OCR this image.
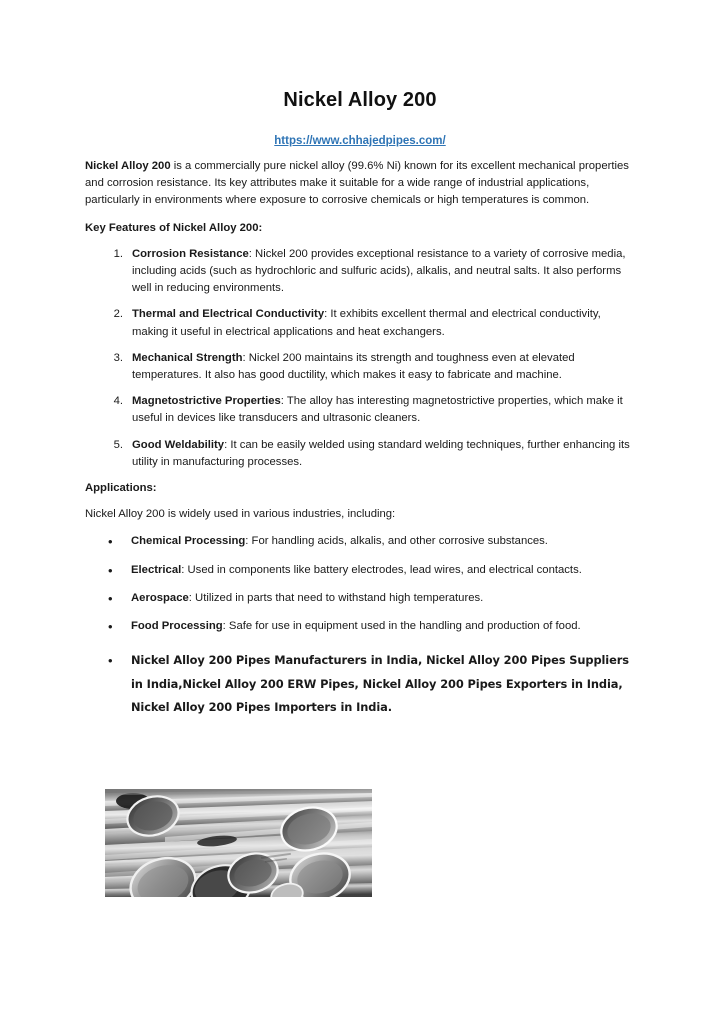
Nickel Alloy 200
https://www.chhajedpipes.com/

Nickel Alloy 200 is a commercially pure nickel alloy (99.6% Ni) known for its excellent mechanical properties and corrosion resistance. Its key attributes make it suitable for a wide range of industrial applications, particularly in environments where exposure to corrosive chemicals or high temperatures is common.

Key Features of Nickel Alloy 200:

1. Corrosion Resistance: Nickel 200 provides exceptional resistance to a variety of corrosive media, including acids (such as hydrochloric and sulfuric acids), alkalis, and neutral salts. It also performs well in reducing environments.
2. Thermal and Electrical Conductivity: It exhibits excellent thermal and electrical conductivity, making it useful in electrical applications and heat exchangers.
3. Mechanical Strength: Nickel 200 maintains its strength and toughness even at elevated temperatures. It also has good ductility, which makes it easy to fabricate and machine.
4. Magnetostrictive Properties: The alloy has interesting magnetostrictive properties, which make it useful in devices like transducers and ultrasonic cleaners.
5. Good Weldability: It can be easily welded using standard welding techniques, further enhancing its utility in manufacturing processes.

Applications:

Nickel Alloy 200 is widely used in various industries, including:

• Chemical Processing: For handling acids, alkalis, and other corrosive substances.
• Electrical: Used in components like battery electrodes, lead wires, and electrical contacts.
• Aerospace: Utilized in parts that need to withstand high temperatures.
• Food Processing: Safe for use in equipment used in the handling and production of food.
• Nickel Alloy 200 Pipes Manufacturers in India, Nickel Alloy 200 Pipes Suppliers in India,Nickel Alloy 200 ERW Pipes, Nickel Alloy 200 Pipes Exporters in India, Nickel Alloy 200 Pipes Importers in India.
